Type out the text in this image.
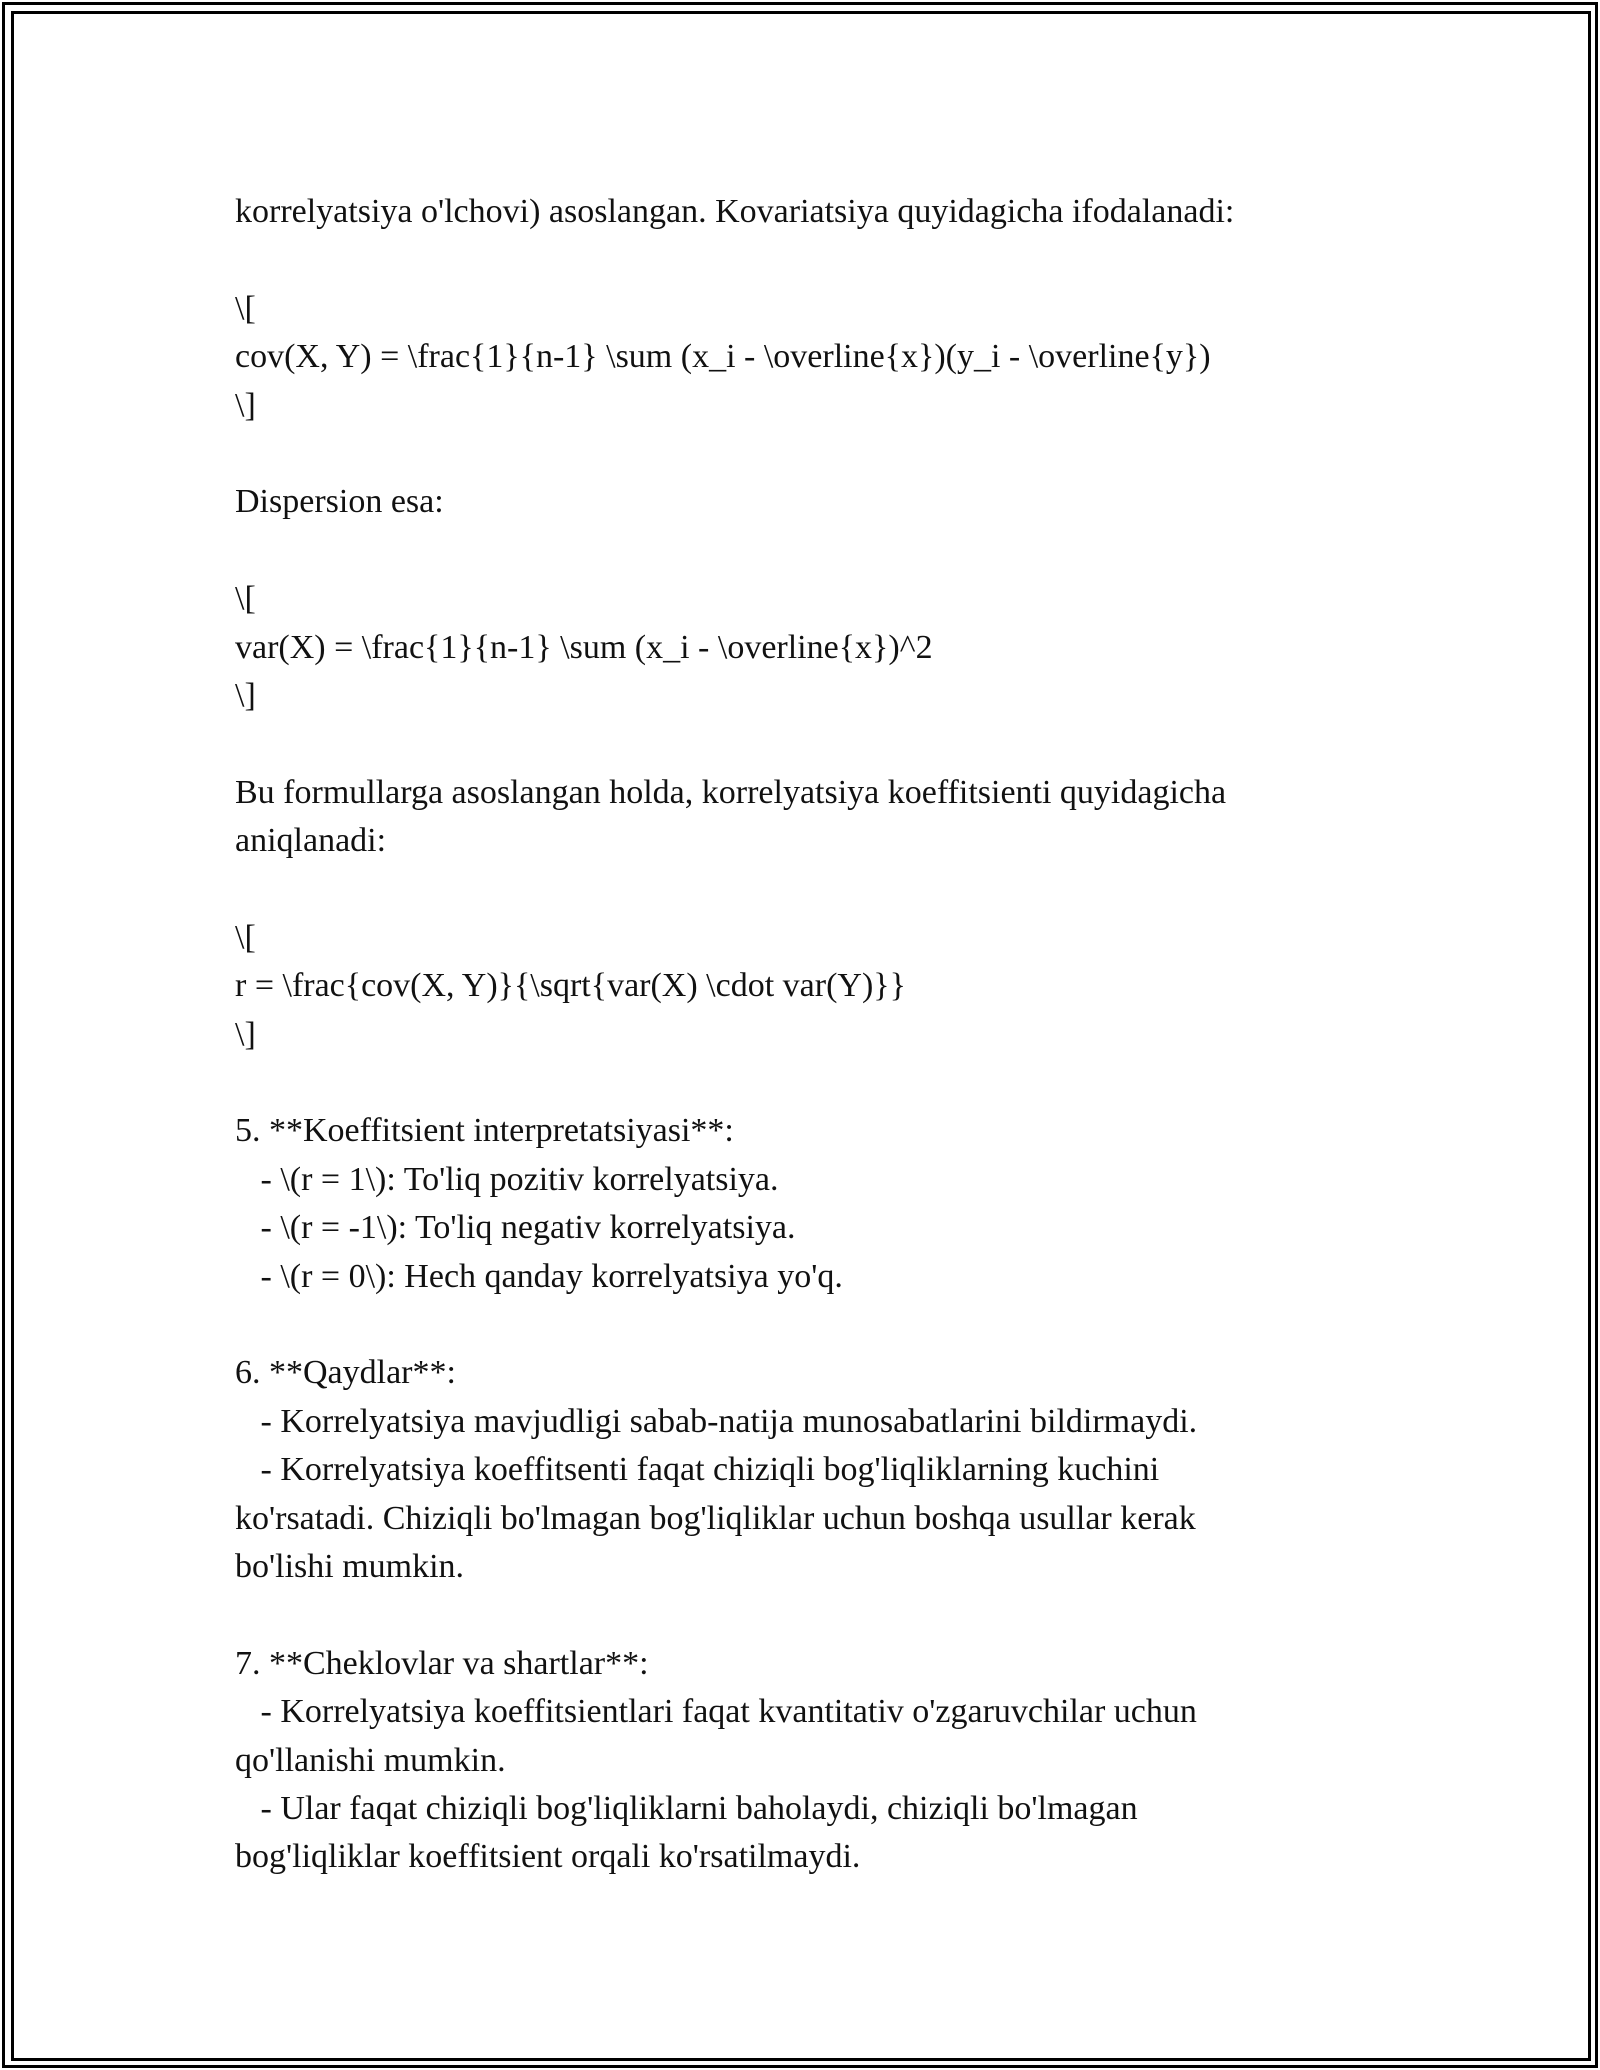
korrelyatsiya o'lchovi) asoslangan. Kovariatsiya quyidagicha ifodalanadi:
\[
cov(X, Y) = \frac{1}{n-1} \sum (x_i - \overline{x})(y_i - \overline{y})
\]
Dispersion esa:
\[
var(X) = \frac{1}{n-1} \sum (x_i - \overline{x})^2
\]
Bu formullarga asoslangan holda, korrelyatsiya koeffitsienti quyidagicha
aniqlanadi:
\[
r = \frac{cov(X, Y)}{\sqrt{var(X) \cdot var(Y)}}
\]
5. **Koeffitsient interpretatsiyasi**:
- \(r = 1\): To'liq pozitiv korrelyatsiya.
- \(r = -1\): To'liq negativ korrelyatsiya.
- \(r = 0\): Hech qanday korrelyatsiya yo'q.
6. **Qaydlar**:
- Korrelyatsiya mavjudligi sabab-natija munosabatlarini bildirmaydi.
- Korrelyatsiya koeffitsenti faqat chiziqli bog'liqliklarning kuchini
ko'rsatadi. Chiziqli bo'lmagan bog'liqliklar uchun boshqa usullar kerak
bo'lishi mumkin.
7. **Cheklovlar va shartlar**:
- Korrelyatsiya koeffitsientlari faqat kvantitativ o'zgaruvchilar uchun
qo'llanishi mumkin.
- Ular faqat chiziqli bog'liqliklarni baholaydi, chiziqli bo'lmagan
bog'liqliklar koeffitsient orqali ko'rsatilmaydi.
